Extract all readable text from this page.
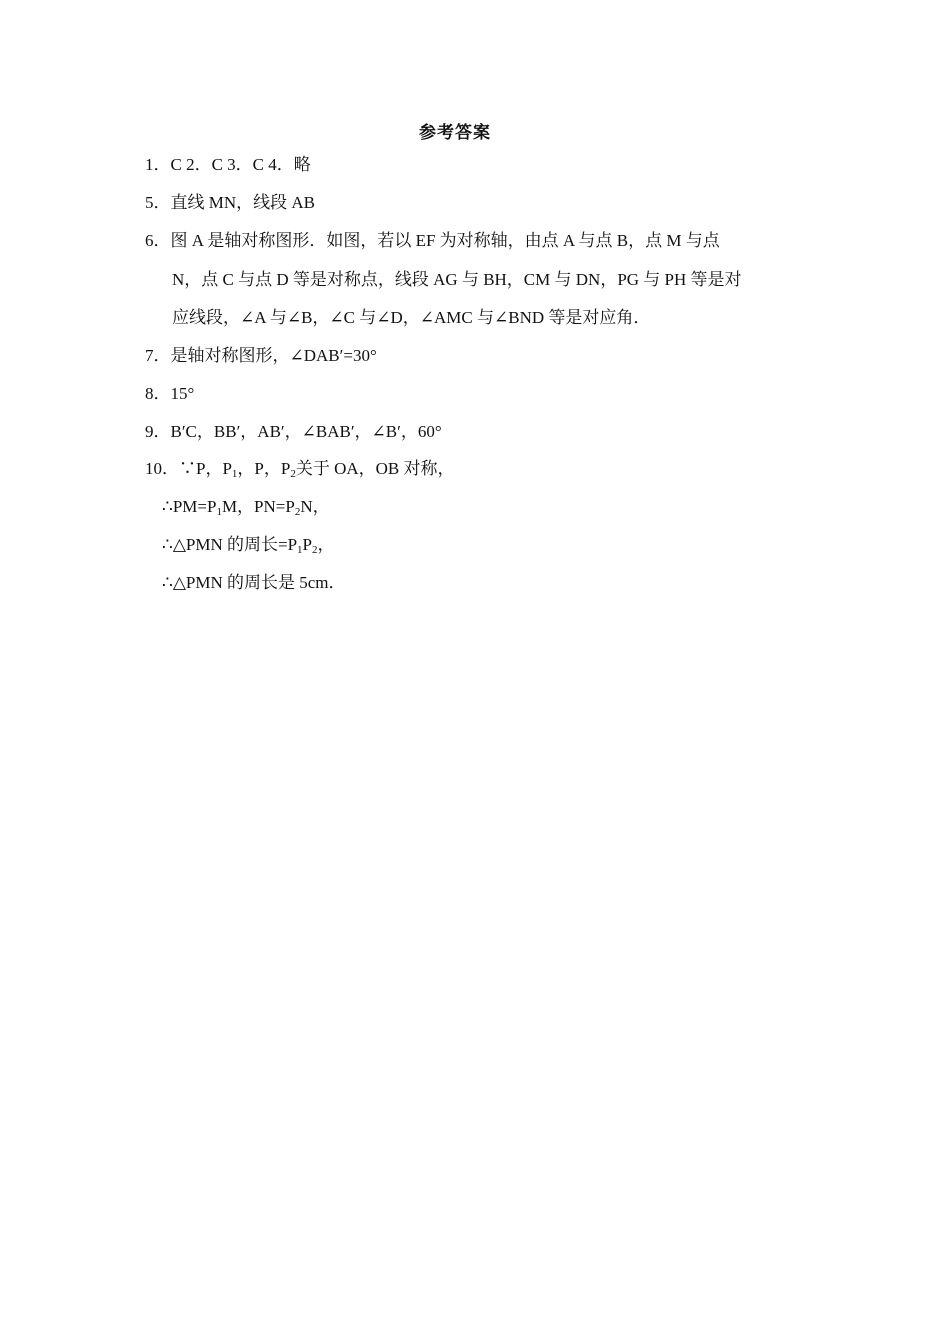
参考答案
1．C 2．C 3．C 4．略
5．直线 MN，线段 AB
6．图 A 是轴对称图形．如图，若以 EF 为对称轴，由点 A 与点 B，点 M 与点
N，点 C 与点 D 等是对称点，线段 AG 与 BH，CM 与 DN，PG 与 PH 等是对
应线段，∠A 与∠B，∠C 与∠D，∠AMC 与∠BND 等是对应角．
7．是轴对称图形，∠DAB′=30°
8．15°
9．B′C，BB′，AB′，∠BAB′，∠B′，60°
10．∵P，$P_1$，P，$P_2$关于 OA，OB 对称，
$\therefore PM=P_1M$，$PN=P_2N$，
∴△PMN 的周长$=P_1P_2$，
∴△PMN 的周长是 5cm．
